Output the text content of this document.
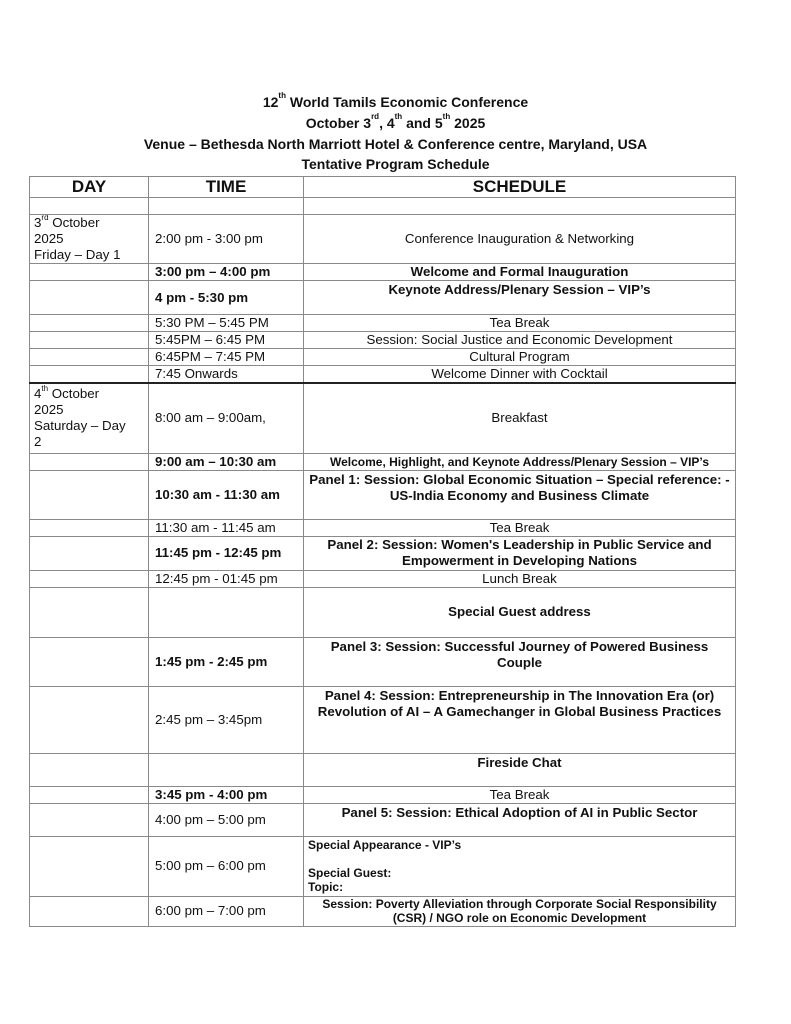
12th World Tamils Economic Conference
October 3rd, 4th and 5th 2025
Venue – Bethesda North Marriott Hotel & Conference centre, Maryland, USA
Tentative Program Schedule
DAY	TIME	SCHEDULE

3rd October
2025
Friday – Day 1	2:00 pm - 3:00 pm	Conference Inauguration & Networking
	3:00 pm – 4:00 pm	Welcome and Formal Inauguration
	4 pm - 5:30 pm	Keynote Address/Plenary Session – VIP’s
	5:30 PM – 5:45 PM	Tea Break
	5:45PM – 6:45 PM	Session: Social Justice and Economic Development
	6:45PM – 7:45 PM	Cultural Program
	7:45 Onwards	Welcome Dinner with Cocktail
4th October
2025
Saturday – Day
2	8:00 am – 9:00am,	Breakfast
	9:00 am – 10:30 am	Welcome, Highlight, and Keynote Address/Plenary Session – VIP’s
	10:30 am - 11:30 am	Panel 1: Session: Global Economic Situation – Special reference: - US-India Economy and Business Climate
	11:30 am - 11:45 am	Tea Break
	11:45 pm - 12:45 pm	Panel 2: Session: Women's Leadership in Public Service and Empowerment in Developing Nations
	12:45 pm - 01:45 pm	Lunch Break
		Special Guest address
	1:45 pm - 2:45 pm	Panel 3: Session: Successful Journey of Powered Business Couple
	2:45 pm – 3:45pm	Panel 4: Session: Entrepreneurship in The Innovation Era (or) Revolution of AI – A Gamechanger in Global Business Practices
		Fireside Chat
	3:45 pm - 4:00 pm	Tea Break
	4:00 pm – 5:00 pm	Panel 5: Session: Ethical Adoption of AI in Public Sector
	5:00 pm – 6:00 pm	Special Appearance - VIP’s
Special Guest:
Topic:
	6:00 pm – 7:00 pm	Session: Poverty Alleviation through Corporate Social Responsibility (CSR) / NGO role on Economic Development
